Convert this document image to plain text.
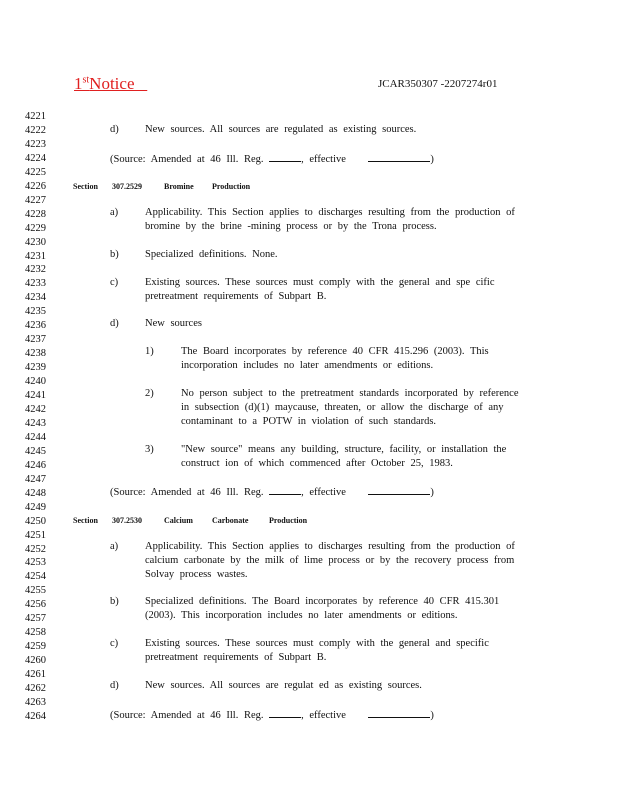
1stNotice	JCAR350307 -2207274r01
4221
4222
4223
4224
4225
4226
4227
4228
4229
4230
4231
4232
4233
4234
4235
4236
4237
4238
4239
4240
4241
4242
4243
4244
4245
4246
4247
4248
4249
4250
4251
4252
4253
4254
4255
4256
4257
4258
4259
4260
4261
4262
4263
4264
d)	New sources. All sources are regulated as existing sources.
(Source: Amended at 46 Ill. Reg.	, effective	)
Section 307.2529	Bromine Production
a)	Applicability. This Section applies to discharges resulting from the production of
bromine by the brine -mining process or by the Trona process.
b)	Specialized definitions. None.
c)	Existing sources. These sources must comply with the general and spe cific
pretreatment requirements of Subpart B.
d)	New sources
1)	The Board incorporates by reference 40 CFR 415.296 (2003). This
incorporation includes no later amendments or editions.
2)	No person subject to the pretreatment standards incorporated by reference
in subsection (d)(1) maycause, threaten, or allow the discharge of any
contaminant to a POTW in violation of such standards.
3)	"New source" means any building, structure, facility, or installation the
construct ion of which commenced after October 25, 1983.
(Source: Amended at 46 Ill. Reg.	, effective	)
Section 307.2530	Calcium Carbonate	Production
a)	Applicability. This Section applies to discharges resulting from the production of
calcium carbonate by the milk of lime process or by the recovery process from
Solvay process wastes.
b)	Specialized definitions. The Board incorporates by reference 40 CFR 415.301
(2003). This incorporation includes no later amendments or editions.
c)	Existing sources. These sources must comply with the general and specific
pretreatment requirements of Subpart B.
d)	New sources. All sources are regulat ed as existing sources.
(Source: Amended at 46 Ill. Reg.	, effective	)
